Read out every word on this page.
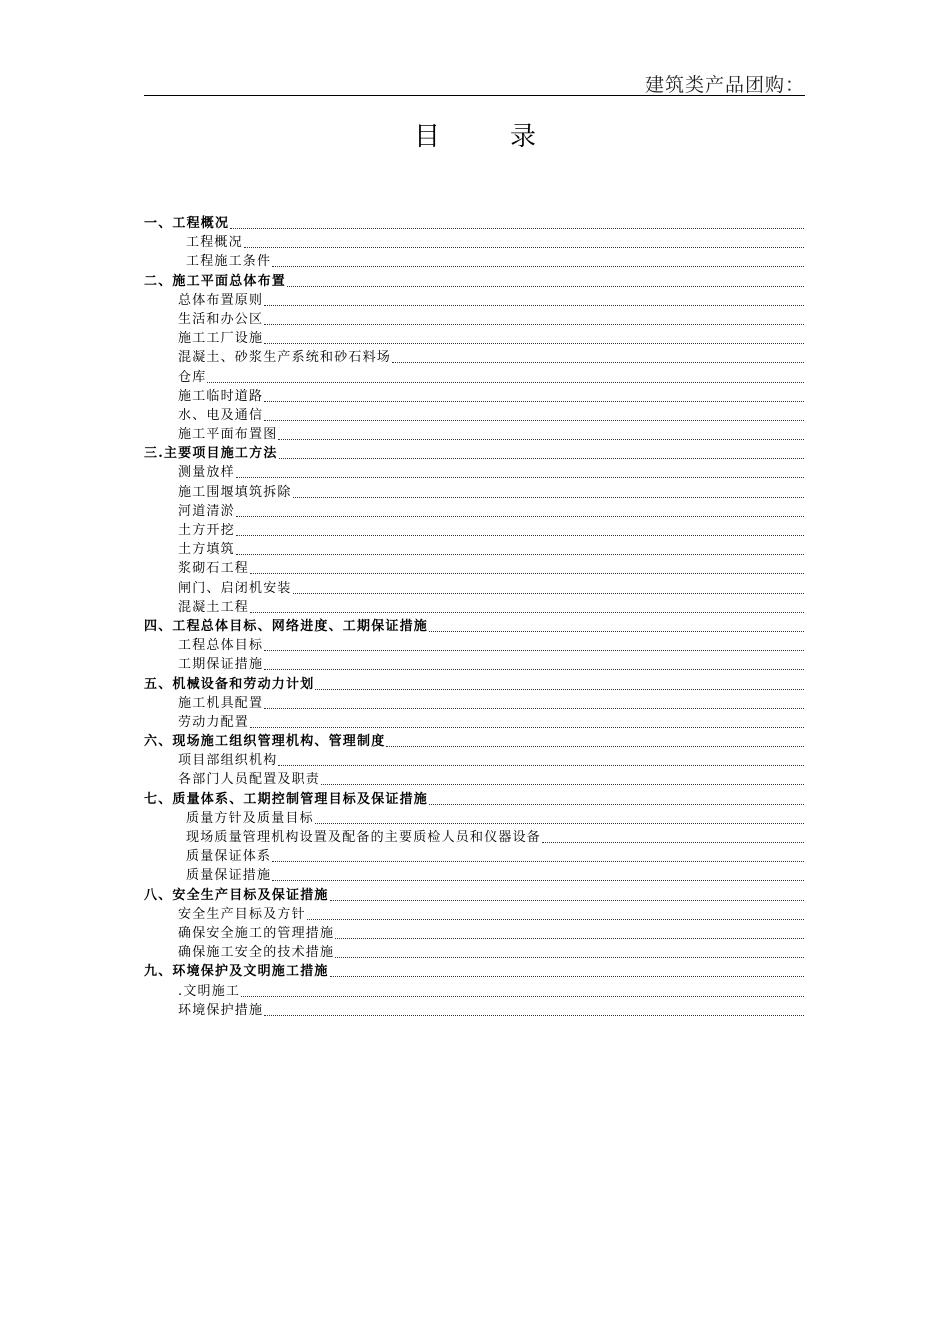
建筑类产品团购：
目	录
一、工程概况
工程概况
工程施工条件
二、施工平面总体布置
总体布置原则
生活和办公区
施工工厂设施
混凝土、砂浆生产系统和砂石料场
仓库
施工临时道路
水、电及通信
施工平面布置图
三.主要项目施工方法
测量放样
施工围堰填筑拆除
河道清淤
土方开挖
土方填筑
浆砌石工程
闸门、启闭机安装
混凝土工程
四、工程总体目标、网络进度、工期保证措施
工程总体目标
工期保证措施
五、机械设备和劳动力计划
施工机具配置
劳动力配置
六、现场施工组织管理机构、管理制度
项目部组织机构
各部门人员配置及职责
七、质量体系、工期控制管理目标及保证措施
质量方针及质量目标
现场质量管理机构设置及配备的主要质检人员和仪器设备
质量保证体系
质量保证措施
八、安全生产目标及保证措施
安全生产目标及方针
确保安全施工的管理措施
确保施工安全的技术措施
九、环境保护及文明施工措施
.文明施工
环境保护措施
